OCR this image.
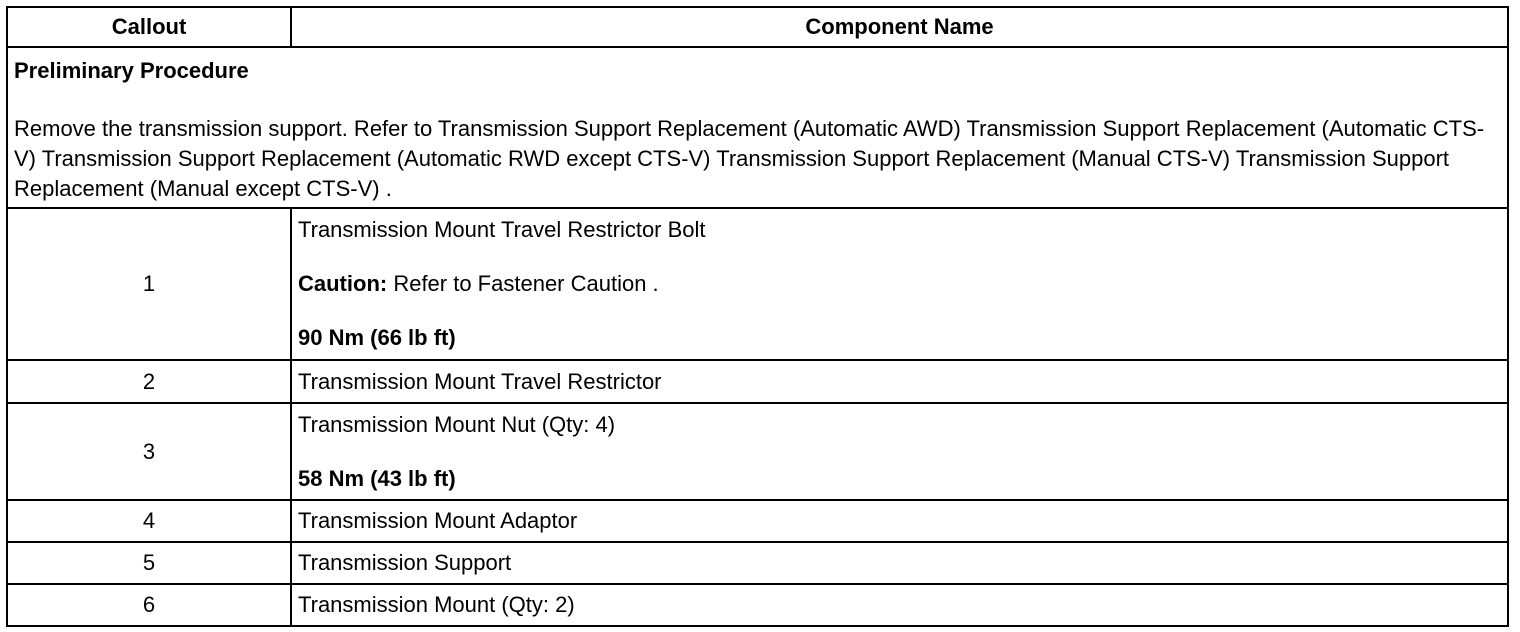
Callout	Component Name

Preliminary Procedure
Remove the transmission support. Refer to Transmission Support Replacement (Automatic AWD) Transmission Support Replacement (Automatic CTS-V) Transmission Support Replacement (Automatic RWD except CTS-V) Transmission Support Replacement (Manual CTS-V) Transmission Support Replacement (Manual except CTS-V) .	

1	Transmission Mount Travel Restrictor Bolt
Caution: Refer to Fastener Caution .
90 Nm (66 lb ft)

2	Transmission Mount Travel Restrictor
3	Transmission Mount Nut (Qty: 4)
58 Nm (43 lb ft)

4	Transmission Mount Adaptor
5	Transmission Support
6	Transmission Mount (Qty: 2)
